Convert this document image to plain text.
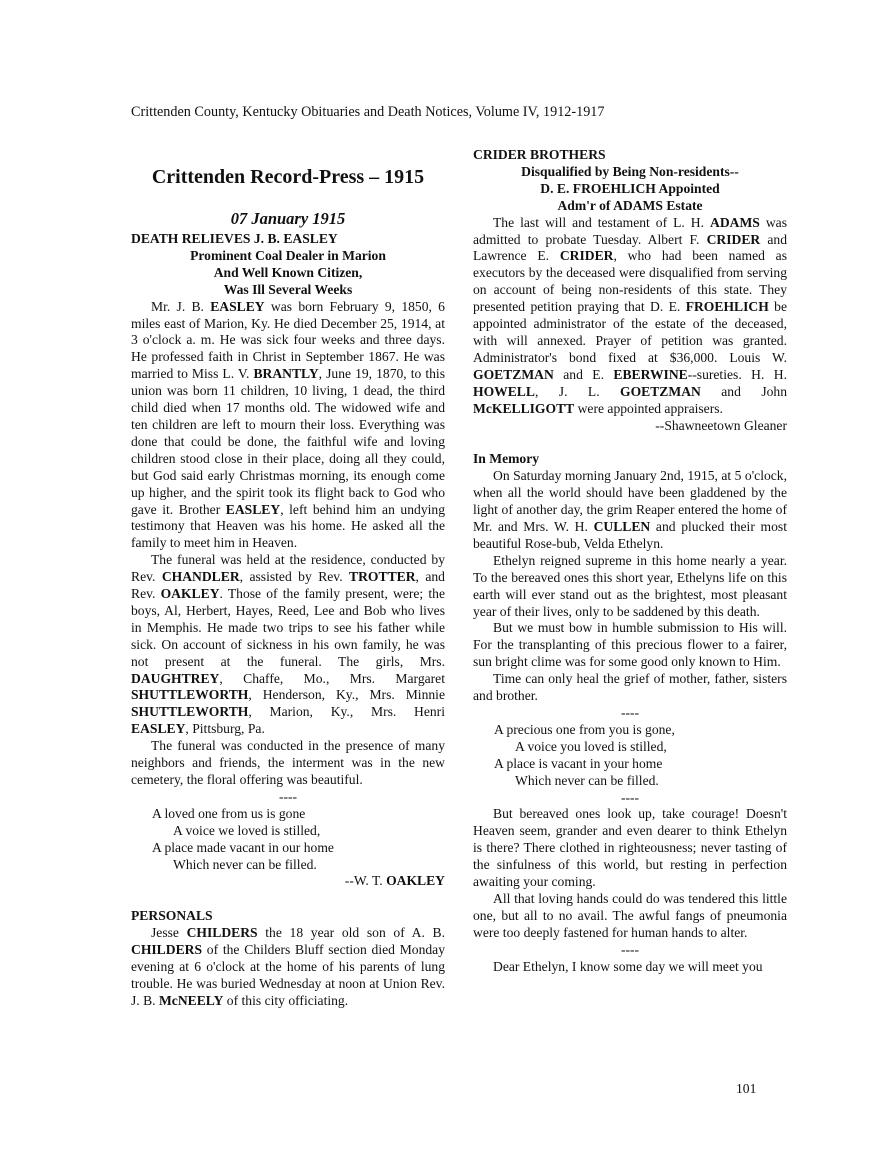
Crittenden County, Kentucky Obituaries and Death Notices, Volume IV, 1912-1917
Crittenden Record-Press – 1915
07 January 1915
DEATH RELIEVES J. B. EASLEY
Prominent Coal Dealer in Marion
And Well Known Citizen,
Was Ill Several Weeks

Mr. J. B. EASLEY was born February 9, 1850, 6 miles east of Marion, Ky. He died December 25, 1914, at 3 o'clock a. m. He was sick four weeks and three days. He professed faith in Christ in September 1867. He was married to Miss L. V. BRANTLY, June 19, 1870, to this union was born 11 children, 10 living, 1 dead, the third child died when 17 months old. The widowed wife and ten children are left to mourn their loss. Everything was done that could be done, the faithful wife and loving children stood close in their place, doing all they could, but God said early Christmas morning, its enough come up higher, and the spirit took its flight back to God who gave it. Brother EASLEY, left behind him an undying testimony that Heaven was his home. He asked all the family to meet him in Heaven.

The funeral was held at the residence, conducted by Rev. CHANDLER, assisted by Rev. TROTTER, and Rev. OAKLEY. Those of the family present, were; the boys, Al, Herbert, Hayes, Reed, Lee and Bob who lives in Memphis. He made two trips to see his father while sick. On account of sickness in his own family, he was not present at the funeral. The girls, Mrs. DAUGHTREY, Chaffe, Mo., Mrs. Margaret SHUTTLEWORTH, Henderson, Ky., Mrs. Minnie SHUTTLEWORTH, Marion, Ky., Mrs. Henri EASLEY, Pittsburg, Pa.

The funeral was conducted in the presence of many neighbors and friends, the interment was in the new cemetery, the floral offering was beautiful.

----
A loved one from us is gone
A voice we loved is stilled,
A place made vacant in our home
Which never can be filled.
--W. T. OAKLEY
PERSONALS

Jesse CHILDERS the 18 year old son of A. B. CHILDERS of the Childers Bluff section died Monday evening at 6 o'clock at the home of his parents of lung trouble. He was buried Wednesday at noon at Union Rev. J. B. McNEELY of this city officiating.

CRIDER BROTHERS
Disqualified by Being Non-residents--
D. E. FROEHLICH Appointed
Adm'r of ADAMS Estate

The last will and testament of L. H. ADAMS was admitted to probate Tuesday. Albert F. CRIDER and Lawrence E. CRIDER, who had been named as executors by the deceased were disqualified from serving on account of being non-residents of this state. They presented petition praying that D. E. FROEHLICH be appointed administrator of the estate of the deceased, with will annexed. Prayer of petition was granted. Administrator's bond fixed at $36,000. Louis W. GOETZMAN and E. EBERWINE--sureties. H. H. HOWELL, J. L. GOETZMAN and John McKELLIGOTT were appointed appraisers.

--Shawneetown Gleaner
In Memory

On Saturday morning January 2nd, 1915, at 5 o'clock, when all the world should have been gladdened by the light of another day, the grim Reaper entered the home of Mr. and Mrs. W. H. CULLEN and plucked their most beautiful Rose-bub, Velda Ethelyn.

Ethelyn reigned supreme in this home nearly a year. To the bereaved ones this short year, Ethelyns life on this earth will ever stand out as the brightest, most pleasant year of their lives, only to be saddened by this death.

But we must bow in humble submission to His will. For the transplanting of this precious flower to a fairer, sun bright clime was for some good only known to Him.

Time can only heal the grief of mother, father, sisters and brother.

----
A precious one from you is gone,
A voice you loved is stilled,
A place is vacant in your home
Which never can be filled.
----

But bereaved ones look up, take courage! Doesn't Heaven seem, grander and even dearer to think Ethelyn is there? There clothed in righteousness; never tasting of the sinfulness of this world, but resting in perfection awaiting your coming.

All that loving hands could do was tendered this little one, but all to no avail. The awful fangs of pneumonia were too deeply fastened for human hands to alter.

----

Dear Ethelyn, I know some day we will meet you

101
